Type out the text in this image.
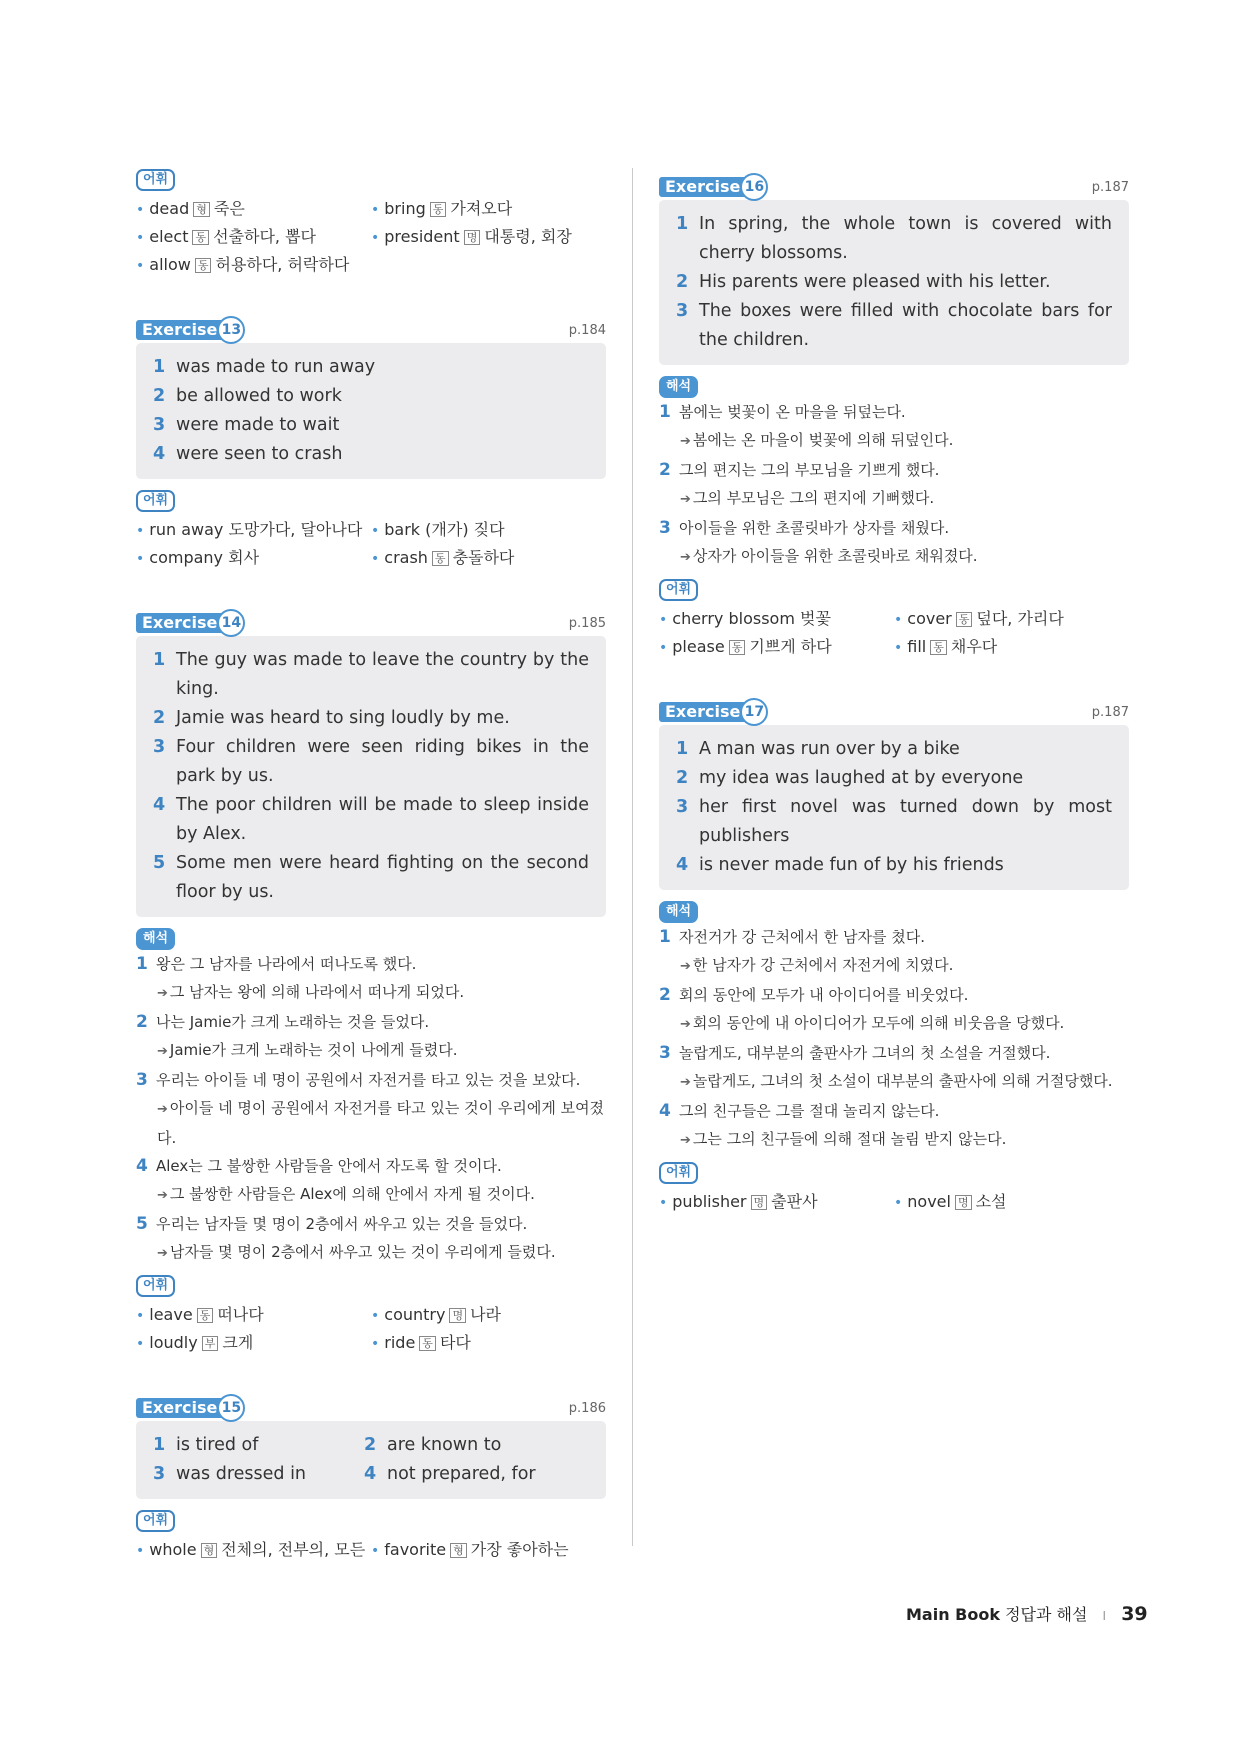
어휘
• dead 형 죽은	• bring 동 가져오다
• elect 동 선출하다, 뽑다	• president 명 대통령, 회장
• allow 동 허용하다, 허락하다
Exercise 13	p.184
1 was made to run away
2 be allowed to work
3 were made to wait
4 were seen to crash
어휘
• run away 도망가다, 달아나다	• bark (개가) 짖다
• company 회사	• crash 동 충돌하다
Exercise 14	p.185
1 The guy was made to leave the country by the king.
2 Jamie was heard to sing loudly by me.
3 Four children were seen riding bikes in the park by us.
4 The poor children will be made to sleep inside by Alex.
5 Some men were heard fighting on the second floor by us.
해석
1 왕은 그 남자를 나라에서 떠나도록 했다.
➔ 그 남자는 왕에 의해 나라에서 떠나게 되었다.
2 나는 Jamie가 크게 노래하는 것을 들었다.
➔ Jamie가 크게 노래하는 것이 나에게 들렸다.
3 우리는 아이들 네 명이 공원에서 자전거를 타고 있는 것을 보았다.
➔ 아이들 네 명이 공원에서 자전거를 타고 있는 것이 우리에게 보여졌다.
4 Alex는 그 불쌍한 사람들을 안에서 자도록 할 것이다.
➔ 그 불쌍한 사람들은 Alex에 의해 안에서 자게 될 것이다.
5 우리는 남자들 몇 명이 2층에서 싸우고 있는 것을 들었다.
➔ 남자들 몇 명이 2층에서 싸우고 있는 것이 우리에게 들렸다.
어휘
• leave 동 떠나다	• country 명 나라
• loudly 부 크게	• ride 동 타다
Exercise 15	p.186
1 is tired of	2 are known to
3 was dressed in	4 not prepared, for
어휘
• whole 형 전체의, 전부의, 모든	• favorite 형 가장 좋아하는
Exercise 16	p.187
1 In spring, the whole town is covered with cherry blossoms.
2 His parents were pleased with his letter.
3 The boxes were filled with chocolate bars for the children.
해석
1 봄에는 벚꽃이 온 마을을 뒤덮는다.
➔ 봄에는 온 마을이 벚꽃에 의해 뒤덮인다.
2 그의 편지는 그의 부모님을 기쁘게 했다.
➔ 그의 부모님은 그의 편지에 기뻐했다.
3 아이들을 위한 초콜릿바가 상자를 채웠다.
➔ 상자가 아이들을 위한 초콜릿바로 채워졌다.
어휘
• cherry blossom 벚꽃	• cover 동 덮다, 가리다
• please 동 기쁘게 하다	• fill 동 채우다
Exercise 17	p.187
1 A man was run over by a bike
2 my idea was laughed at by everyone
3 her first novel was turned down by most publishers
4 is never made fun of by his friends
해석
1 자전거가 강 근처에서 한 남자를 쳤다.
➔ 한 남자가 강 근처에서 자전거에 치였다.
2 회의 동안에 모두가 내 아이디어를 비웃었다.
➔ 회의 동안에 내 아이디어가 모두에 의해 비웃음을 당했다.
3 놀랍게도, 대부분의 출판사가 그녀의 첫 소설을 거절했다.
➔ 놀랍게도, 그녀의 첫 소설이 대부분의 출판사에 의해 거절당했다.
4 그의 친구들은 그를 절대 놀리지 않는다.
➔ 그는 그의 친구들에 의해 절대 놀림 받지 않는다.
어휘
• publisher 명 출판사	• novel 명 소설
Main Book 정답과 해설 I 39
